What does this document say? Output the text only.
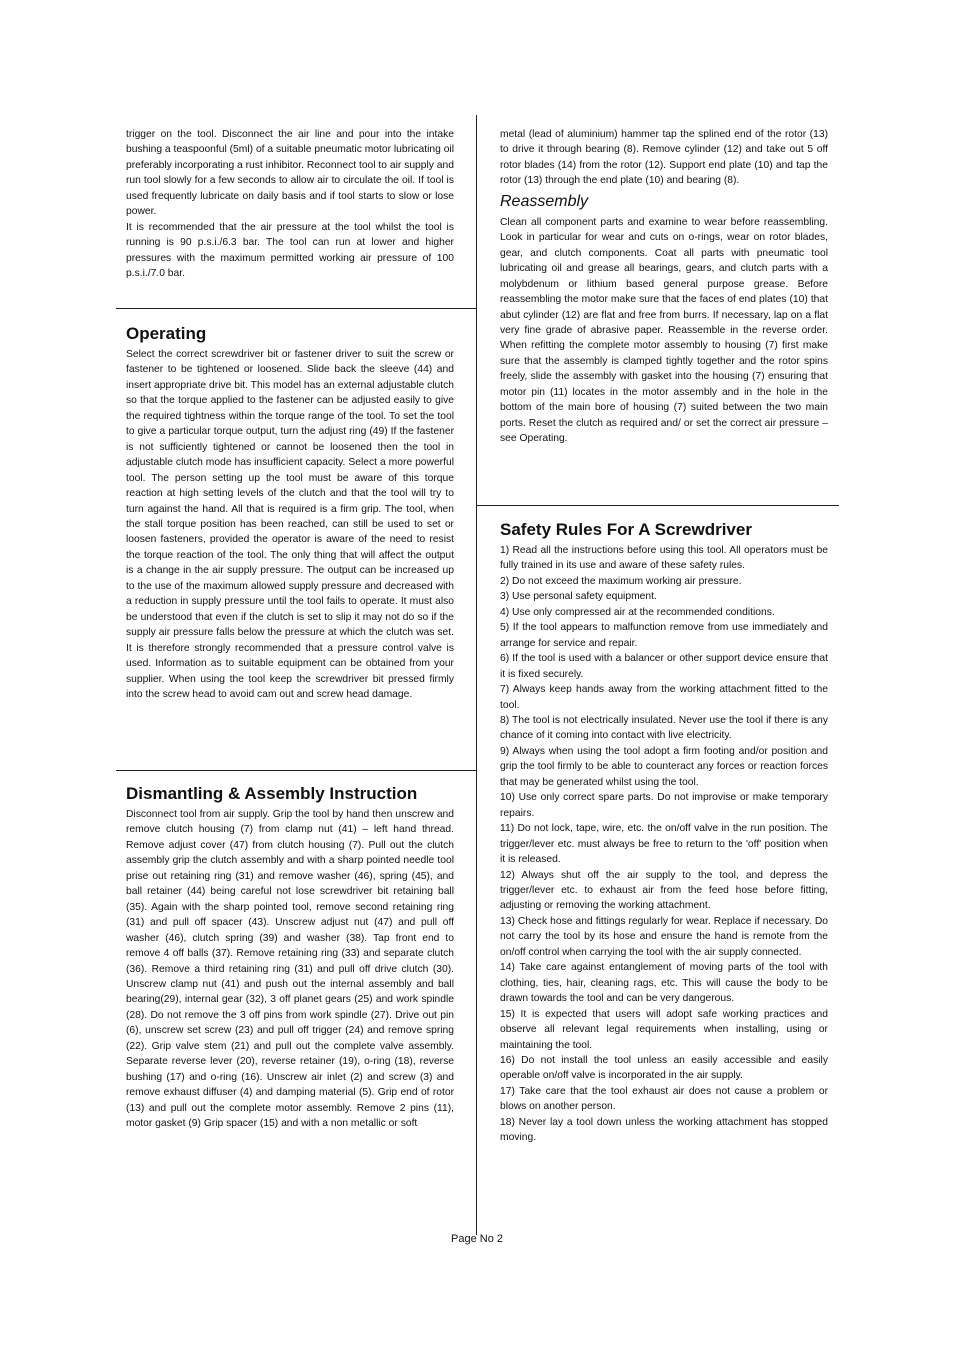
trigger on the tool. Disconnect the air line and pour into the intake bushing a teaspoonful (5ml) of a suitable pneumatic motor lubricating oil preferably incorporating a rust inhibitor. Reconnect tool to air supply and run tool slowly for a few seconds to allow air to circulate the oil. If tool is used frequently lubricate on daily basis and if tool starts to slow or lose power.

It is recommended that the air pressure at the tool whilst the tool is running is 90 p.s.i./6.3 bar. The tool can run at lower and higher pressures with the maximum permitted working air pressure of 100 p.s.i./7.0 bar.

Operating

Select the correct screwdriver bit or fastener driver to suit the screw or fastener to be tightened or loosened. Slide back the sleeve (44) and insert appropriate drive bit. This model has an external adjustable clutch so that the torque applied to the fastener can be adjusted easily to give the required tightness within the torque range of the tool. To set the tool to give a particular torque output, turn the adjust ring (49) If the fastener is not sufficiently tightened or cannot be loosened then the tool in adjustable clutch mode has insufficient capacity. Select a more powerful tool. The person setting up the tool must be aware of this torque reaction at high setting levels of the clutch and that the tool will try to turn against the hand. All that is required is a firm grip. The tool, when the stall torque position has been reached, can still be used to set or loosen fasteners, provided the operator is aware of the need to resist the torque reaction of the tool. The only thing that will affect the output is a change in the air supply pressure. The output can be increased up to the use of the maximum allowed supply pressure and decreased with a reduction in supply pressure until the tool fails to operate. It must also be understood that even if the clutch is set to slip it may not do so if the supply air pressure falls below the pressure at which the clutch was set. It is therefore strongly recommended that a pressure control valve is used. Information as to suitable equipment can be obtained from your supplier. When using the tool keep the screwdriver bit pressed firmly into the screw head to avoid cam out and screw head damage.

Dismantling & Assembly Instruction

Disconnect tool from air supply. Grip the tool by hand then unscrew and remove clutch housing (7) from clamp nut (41) – left hand thread. Remove adjust cover (47) from clutch housing (7). Pull out the clutch assembly grip the clutch assembly and with a sharp pointed needle tool prise out retaining ring (31) and remove washer (46), spring (45), and ball retainer (44) being careful not lose screwdriver bit retaining ball (35). Again with the sharp pointed tool, remove second retaining ring (31) and pull off spacer (43). Unscrew adjust nut (47) and pull off washer (46), clutch spring (39) and washer (38). Tap front end to remove 4 off balls (37). Remove retaining ring (33) and separate clutch (36). Remove a third retaining ring (31) and pull off drive clutch (30). Unscrew clamp nut (41) and push out the internal assembly and ball bearing(29), internal gear (32), 3 off planet gears (25) and work spindle (28). Do not remove the 3 off pins from work spindle (27). Drive out pin (6), unscrew set screw (23) and pull off trigger (24) and remove spring (22). Grip valve stem (21) and pull out the complete valve assembly. Separate reverse lever (20), reverse retainer (19), o-ring (18), reverse bushing (17) and o-ring (16). Unscrew air inlet (2) and screw (3) and remove exhaust diffuser (4) and damping material (5). Grip end of rotor (13) and pull out the complete motor assembly. Remove 2 pins (11), motor gasket (9) Grip spacer (15) and with a non metallic or soft

metal (lead of aluminium) hammer tap the splined end of the rotor (13) to drive it through bearing (8). Remove cylinder (12) and take out 5 off rotor blades (14) from the rotor (12). Support end plate (10) and tap the rotor (13) through the end plate (10) and bearing (8).

Reassembly

Clean all component parts and examine to wear before reassembling. Look in particular for wear and cuts on o-rings, wear on rotor blades, gear, and clutch components. Coat all parts with pneumatic tool lubricating oil and grease all bearings, gears, and clutch parts with a molybdenum or lithium based general purpose grease. Before reassembling the motor make sure that the faces of end plates (10) that abut cylinder (12) are flat and free from burrs. If necessary, lap on a flat very fine grade of abrasive paper. Reassemble in the reverse order. When refitting the complete motor assembly to housing (7) first make sure that the assembly is clamped tightly together and the rotor spins freely, slide the assembly with gasket into the housing (7) ensuring that motor pin (11) locates in the motor assembly and in the hole in the bottom of the main bore of housing (7) suited between the two main ports. Reset the clutch as required and/ or set the correct air pressure – see Operating.

Safety Rules For A Screwdriver

1) Read all the instructions before using this tool. All operators must be fully trained in its use and aware of these safety rules.

2) Do not exceed the maximum working air pressure.

3) Use personal safety equipment.

4) Use only compressed air at the recommended conditions.

5) If the tool appears to malfunction remove from use immediately and arrange for service and repair.

6) If the tool is used with a balancer or other support device ensure that it is fixed securely.

7) Always keep hands away from the working attachment fitted to the tool.

8) The tool is not electrically insulated. Never use the tool if there is any chance of it coming into contact with live electricity.

9) Always when using the tool adopt a firm footing and/or position and grip the tool firmly to be able to counteract any forces or reaction forces that may be generated whilst using the tool.

10) Use only correct spare parts. Do not improvise or make temporary repairs.

11) Do not lock, tape, wire, etc. the on/off valve in the run position. The trigger/lever etc. must always be free to return to the 'off' position when it is released.

12) Always shut off the air supply to the tool, and depress the trigger/lever etc. to exhaust air from the feed hose before fitting, adjusting or removing the working attachment.

13) Check hose and fittings regularly for wear. Replace if necessary. Do not carry the tool by its hose and ensure the hand is remote from the on/off control when carrying the tool with the air supply connected.

14) Take care against entanglement of moving parts of the tool with clothing, ties, hair, cleaning rags, etc. This will cause the body to be drawn towards the tool and can be very dangerous.

15) It is expected that users will adopt safe working practices and observe all relevant legal requirements when installing, using or maintaining the tool.

16) Do not install the tool unless an easily accessible and easily operable on/off valve is incorporated in the air supply.

17) Take care that the tool exhaust air does not cause a problem or blows on another person.

18) Never lay a tool down unless the working attachment has stopped moving.

Page No 2
